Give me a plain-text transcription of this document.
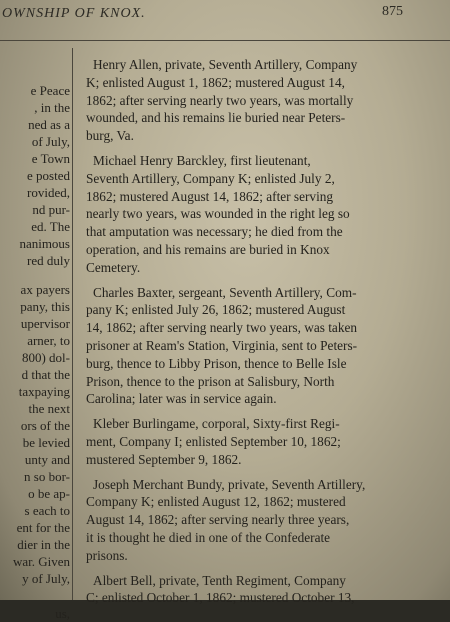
OWNSHIP OF KNOX.	875
e Peace
, in the
ned as a
of July,
e Town
e posted
rovided,
nd pur-
ed. The
nanimous
red duly
ax payers
pany, this
upervisor
arner, to
800) dol-
d that the
taxpaying
the next
ors of the
be levied
unty and
n so bor-
o be ap-
s each to
ent for the
dier in the
war. Given
y of July,
us,
Henry Allen, private, Seventh Artillery, Company
K; enlisted August 1, 1862; mustered August 14,
1862; after serving nearly two years, was mortally
wounded, and his remains lie buried near Peters-
burg, Va.
Michael Henry Barckley, first lieutenant,
Seventh Artillery, Company K; enlisted July 2,
1862; mustered August 14, 1862; after serving
nearly two years, was wounded in the right leg so
that amputation was necessary; he died from the
operation, and his remains are buried in Knox
Cemetery.
Charles Baxter, sergeant, Seventh Artillery, Com-
pany K; enlisted July 26, 1862; mustered August
14, 1862; after serving nearly two years, was taken
prisoner at Ream's Station, Virginia, sent to Peters-
burg, thence to Libby Prison, thence to Belle Isle
Prison, thence to the prison at Salisbury, North
Carolina; later was in service again.
Kleber Burlingame, corporal, Sixty-first Regi-
ment, Company I; enlisted September 10, 1862;
mustered September 9, 1862.
Joseph Merchant Bundy, private, Seventh Artillery,
Company K; enlisted August 12, 1862; mustered
August 14, 1862; after serving nearly three years,
it is thought he died in one of the Confederate
prisons.
Albert Bell, private, Tenth Regiment, Company
C; enlisted October 1, 1862; mustered October 13,
